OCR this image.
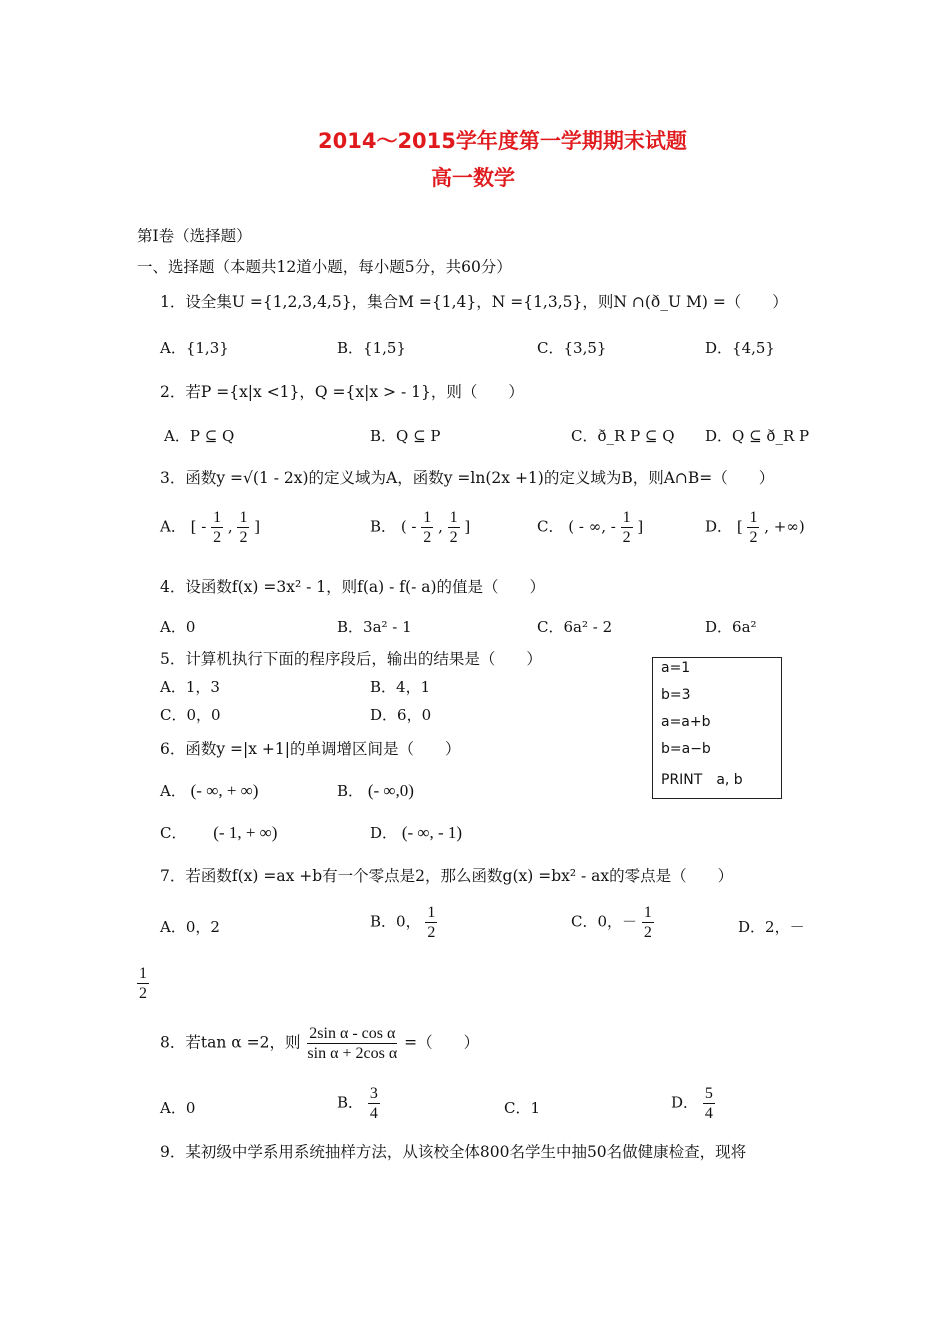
2014～2015学年度第一学期期末试题
高一数学
第Ⅰ卷（选择题）
一、选择题（本题共12道小题，每小题5分，共60分）
1．设全集U ={1,2,3,4,5}，集合M ={1,4}，N ={1,3,5}，则N ∩(ð_U M) =（　　）
A．{1,3}	B．{1,5}	C．{3,5}	D．{4,5}
2．若P ={x|x <1}，Q ={x|x > - 1}，则（　　）
A．P ⊆ Q	B．Q ⊆ P	C．ð_R P ⊆ Q D．Q ⊆ ð_R P
3．函数y =√(1 - 2x)的定义域为A，函数y =ln(2x +1)的定义域为B，则A∩B=（　　）
A． [ - $\frac{1}{2}$ , $\frac{1}{2}$ ]	B． ( - $\frac{1}{2}$ , $\frac{1}{2}$ ]	C． ( - ∞, - $\frac{1}{2}$ ]	D． [ $\frac{1}{2}$ , +∞)
4．设函数f(x) =3x² - 1，则f(a) - f(- a)的值是（　　）
A．0	B．3a² - 1	C．6a² - 2	D．6a²
5．计算机执行下面的程序段后，输出的结果是（　　）
A．1，3	B．4，1
C．0，0	D．6，0
a=1
b=3
a=a+b
b=a−b
PRINT　a, b
6．函数y =|x +1|的单调增区间是（　　）
A． (- ∞, + ∞)	B． (- ∞,0)
C． (- 1, + ∞)	D． (- ∞, - 1)
7．若函数f(x) =ax +b有一个零点是2，那么函数g(x) =bx² - ax的零点是（　　）
A．0，2	B．0， $\frac{1}{2}$	C．0，－ $\frac{1}{2}$	D．2，－
$\frac{1}{2}$
8．若tan α =2，则 $\frac{\text{2sin α - cos α}}{\text{sin α + 2cos α}}$ =（　　）
A．0	B． $\frac{3}{4}$	C．1	D． $\frac{5}{4}$
9．某初级中学系用系统抽样方法，从该校全体800名学生中抽50名做健康检查，现将
